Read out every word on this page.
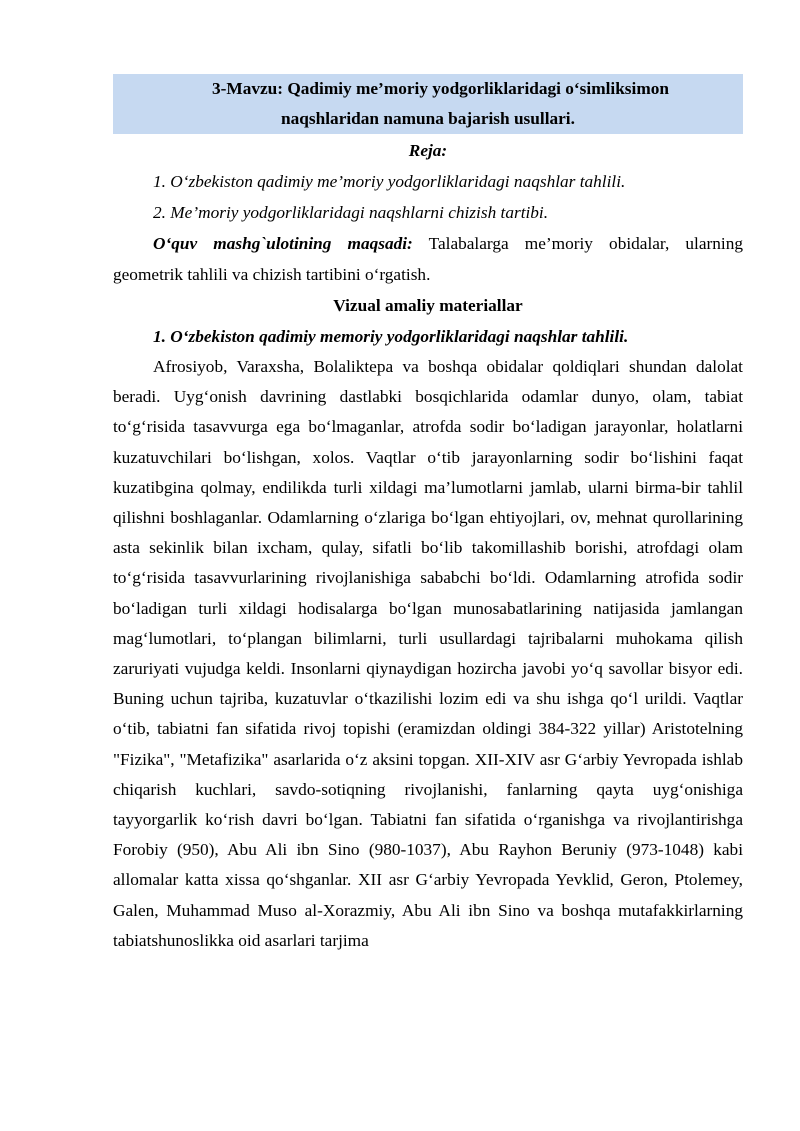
3-Mavzu: Qadimiy me’moriy yodgorliklaridagi o‘simliksimon
naqshlaridan namuna bajarish usullari.

Reja:

1. O‘zbekiston qadimiy me’moriy yodgorliklaridagi naqshlar tahlili.

2. Me’moriy yodgorliklaridagi naqshlarni chizish tartibi.

O‘quv mashg`ulotining maqsadi: Talabalarga me’moriy obidalar, ularning geometrik tahlili va chizish tartibini o‘rgatish.

Vizual amaliy materiallar

1. O‘zbekiston qadimiy memoriy yodgorliklaridagi naqshlar tahlili.

Afrosiyob, Varaxsha, Bolaliktepa va boshqa obidalar qoldiqlari shundan dalolat beradi. Uyg‘onish davrining dastlabki bosqichlarida odamlar dunyo, olam, tabiat to‘g‘risida tasavvurga ega bo‘lmaganlar, atrofda sodir bo‘ladigan jarayonlar, holatlarni kuzatuvchilari bo‘lishgan, xolos. Vaqtlar o‘tib jarayonlarning sodir bo‘lishini faqat kuzatibgina qolmay, endilikda turli xildagi ma’lumotlarni jamlab, ularni birma-bir tahlil qilishni boshlaganlar. Odamlarning o‘zlariga bo‘lgan ehtiyojlari, ov, mehnat qurollarining asta sekinlik bilan ixcham, qulay, sifatli bo‘lib takomillashib borishi, atrofdagi olam to‘g‘risida tasavvurlarining rivojlanishiga sababchi bo‘ldi. Odamlarning atrofida sodir bo‘ladigan turli xildagi hodisalarga bo‘lgan munosabatlarining natijasida jamlangan mag‘lumotlari, to‘plangan bilimlarni, turli usullardagi tajribalarni muhokama qilish zaruriyati vujudga keldi. Insonlarni qiynaydigan hozircha javobi yo‘q savollar bisyor edi. Buning uchun tajriba, kuzatuvlar o‘tkazilishi lozim edi va shu ishga qo‘l urildi. Vaqtlar o‘tib, tabiatni fan sifatida rivoj topishi (eramizdan oldingi 384-322 yillar) Aristotelning "Fizika", "Metafizika" asarlarida o‘z aksini topgan. XII-XIV asr G‘arbiy Yevropada ishlab chiqarish kuchlari, savdo-sotiqning rivojlanishi, fanlarning qayta uyg‘onishiga tayyorgarlik ko‘rish davri bo‘lgan. Tabiatni fan sifatida o‘rganishga va rivojlantirishga Forobiy (950), Abu Ali ibn Sino (980-1037), Abu Rayhon Beruniy (973-1048) kabi allomalar katta xissa qo‘shganlar. XII asr G‘arbiy Yevropada Yevklid, Geron, Ptolemey, Galen, Muhammad Muso al-Xorazmiy, Abu Ali ibn Sino va boshqa mutafakkirlarning tabiatshunoslikka oid asarlari tarjima
